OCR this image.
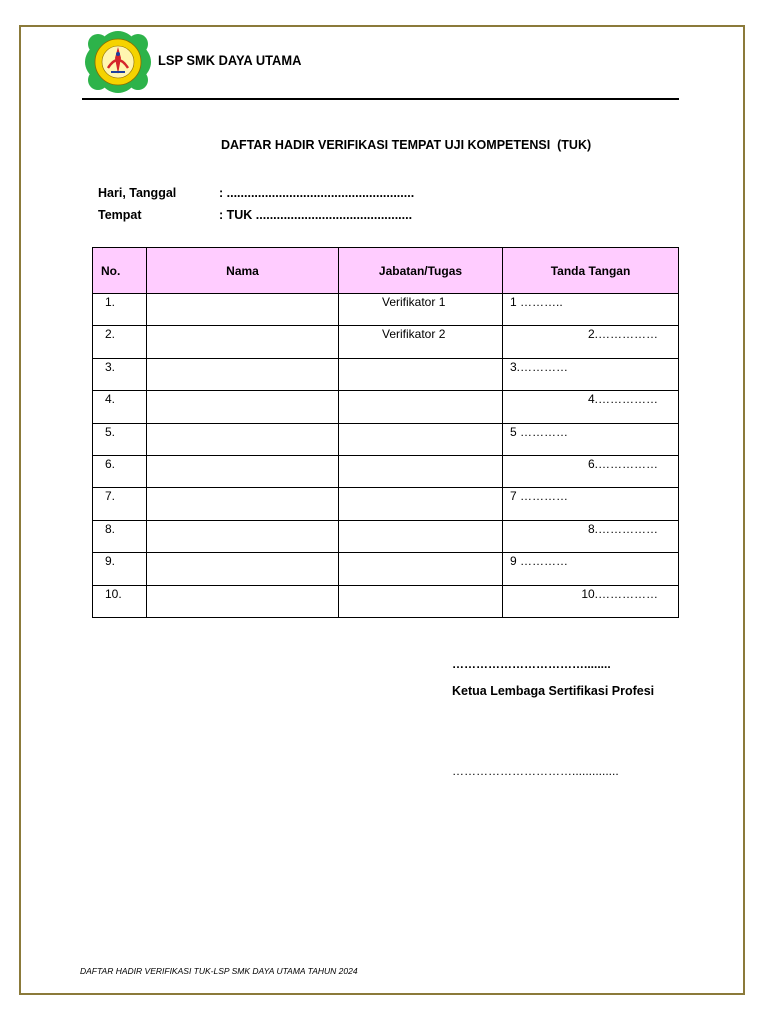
LSP SMK DAYA UTAMA
DAFTAR HADIR VERIFIKASI TEMPAT UJI KOMPETENSI  (TUK)
Hari, Tanggal	: ......................................................
Tempat	: TUK .............................................
No.	Nama	Jabatan/Tugas	Tanda Tangan
1.		Verifikator 1	1 ………..
2.		Verifikator 2	2.……………
3.			3.…………
4.			4.……………
5.			5 …………
6.			6.……………
7.			7 …………
8.			8.……………
9.			9 …………
10.			10.……………
……………………………........
Ketua Lembaga Sertifikasi Profesi
…………………………..............
DAFTAR HADIR VERIFIKASI TUK-LSP SMK DAYA UTAMA TAHUN 2024
